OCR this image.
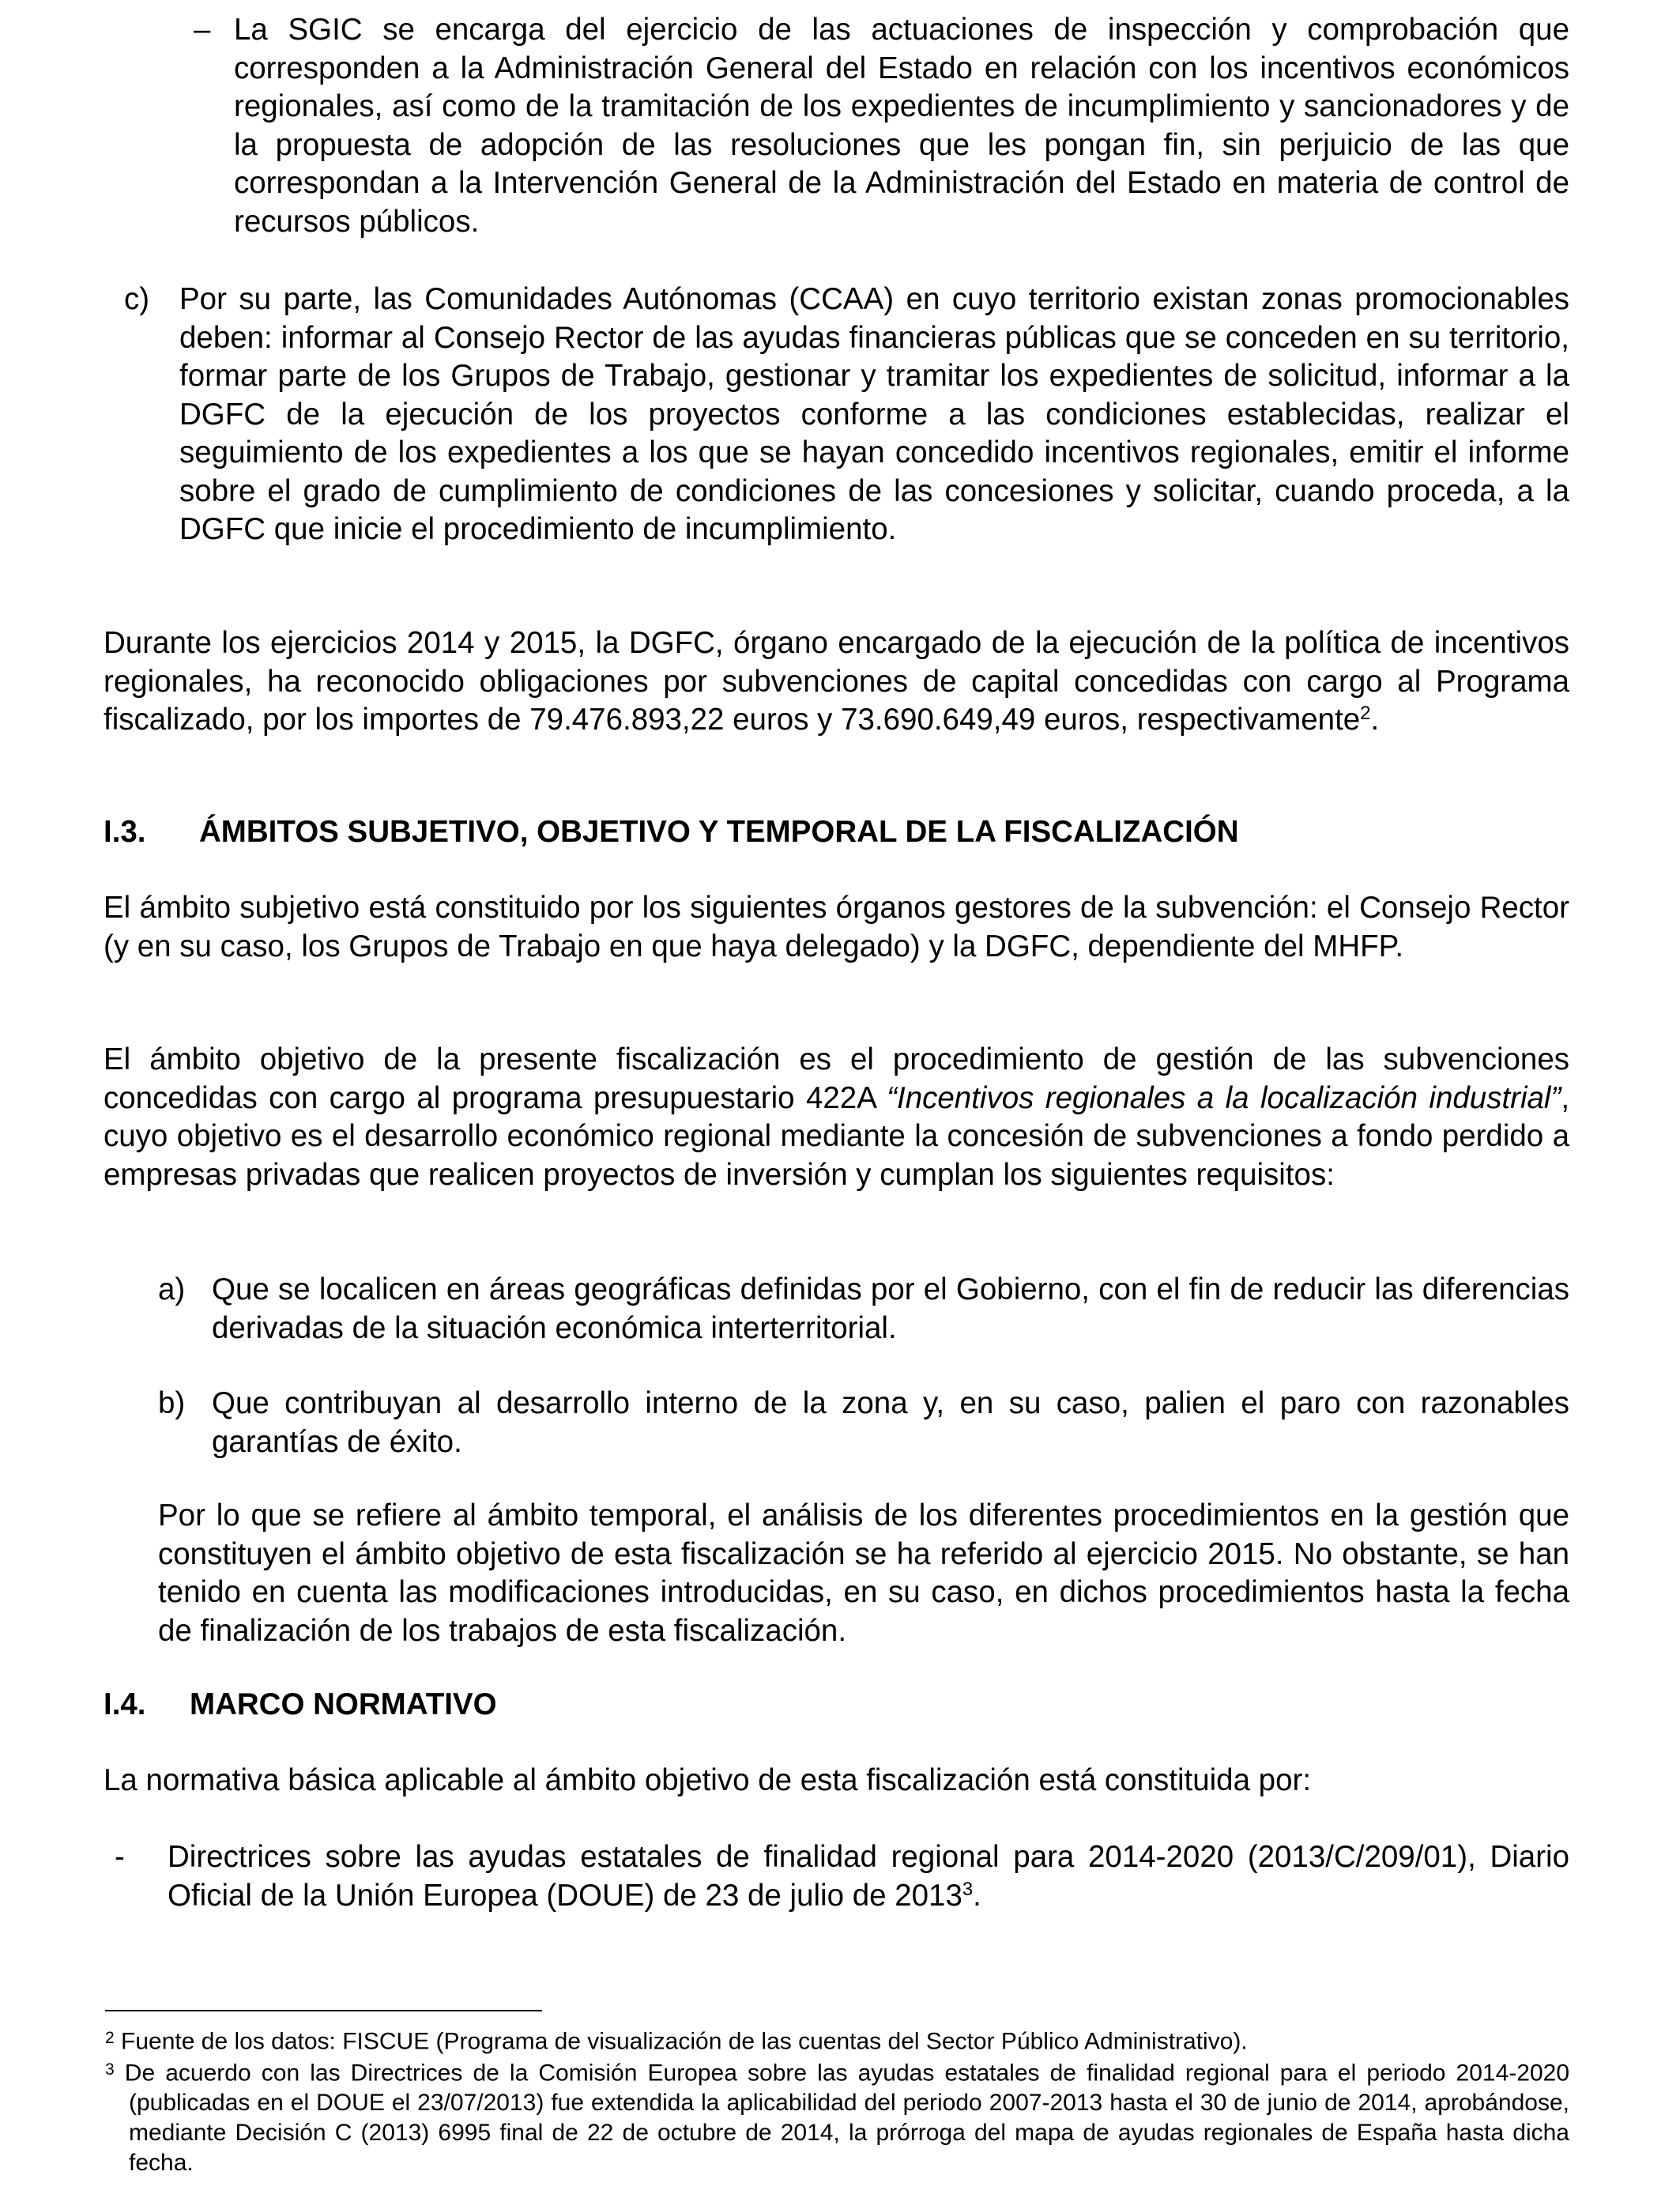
– La SGIC se encarga del ejercicio de las actuaciones de inspección y comprobación que corresponden a la Administración General del Estado en relación con los incentivos económicos regionales, así como de la tramitación de los expedientes de incumplimiento y sancionadores y de la propuesta de adopción de las resoluciones que les pongan fin, sin perjuicio de las que correspondan a la Intervención General de la Administración del Estado en materia de control de recursos públicos.

c) Por su parte, las Comunidades Autónomas (CCAA) en cuyo territorio existan zonas promocionables deben: informar al Consejo Rector de las ayudas financieras públicas que se conceden en su territorio, formar parte de los Grupos de Trabajo, gestionar y tramitar los expedientes de solicitud, informar a la DGFC de la ejecución de los proyectos conforme a las condiciones establecidas, realizar el seguimiento de los expedientes a los que se hayan concedido incentivos regionales, emitir el informe sobre el grado de cumplimiento de condiciones de las concesiones y solicitar, cuando proceda, a la DGFC que inicie el procedimiento de incumplimiento.

Durante los ejercicios 2014 y 2015, la DGFC, órgano encargado de la ejecución de la política de incentivos regionales, ha reconocido obligaciones por subvenciones de capital concedidas con cargo al Programa fiscalizado, por los importes de 79.476.893,22 euros y 73.690.649,49 euros, respectivamente$^2$.

I.3. ÁMBITOS SUBJETIVO, OBJETIVO Y TEMPORAL DE LA FISCALIZACIÓN

El ámbito subjetivo está constituido por los siguientes órganos gestores de la subvención: el Consejo Rector (y en su caso, los Grupos de Trabajo en que haya delegado) y la DGFC, dependiente del MHFP.

El ámbito objetivo de la presente fiscalización es el procedimiento de gestión de las subvenciones concedidas con cargo al programa presupuestario 422A “Incentivos regionales a la localización industrial”, cuyo objetivo es el desarrollo económico regional mediante la concesión de subvenciones a fondo perdido a empresas privadas que realicen proyectos de inversión y cumplan los siguientes requisitos:

a) Que se localicen en áreas geográficas definidas por el Gobierno, con el fin de reducir las diferencias derivadas de la situación económica interterritorial.

b) Que contribuyan al desarrollo interno de la zona y, en su caso, palien el paro con razonables garantías de éxito.

Por lo que se refiere al ámbito temporal, el análisis de los diferentes procedimientos en la gestión que constituyen el ámbito objetivo de esta fiscalización se ha referido al ejercicio 2015. No obstante, se han tenido en cuenta las modificaciones introducidas, en su caso, en dichos procedimientos hasta la fecha de finalización de los trabajos de esta fiscalización.

I.4. MARCO NORMATIVO

La normativa básica aplicable al ámbito objetivo de esta fiscalización está constituida por:

- Directrices sobre las ayudas estatales de finalidad regional para 2014-2020 (2013/C/209/01), Diario Oficial de la Unión Europea (DOUE) de 23 de julio de 2013$^3$.

$^2$ Fuente de los datos: FISCUE (Programa de visualización de las cuentas del Sector Público Administrativo).

$^3$ De acuerdo con las Directrices de la Comisión Europea sobre las ayudas estatales de finalidad regional para el periodo 2014-2020 (publicadas en el DOUE el 23/07/2013) fue extendida la aplicabilidad del periodo 2007-2013 hasta el 30 de junio de 2014, aprobándose, mediante Decisión C (2013) 6995 final de 22 de octubre de 2014, la prórroga del mapa de ayudas regionales de España hasta dicha fecha.
